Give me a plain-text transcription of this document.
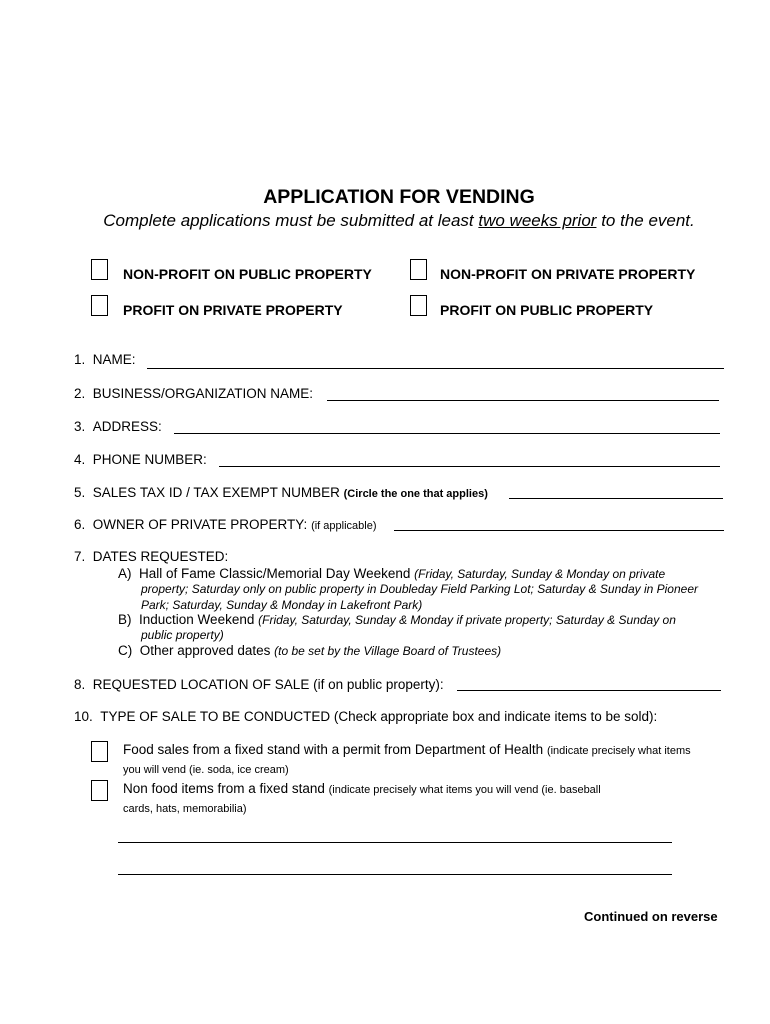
APPLICATION FOR VENDING
Complete applications must be submitted at least two weeks prior to the event.
NON-PROFIT ON PUBLIC PROPERTY	NON-PROFIT ON PRIVATE PROPERTY
PROFIT ON PRIVATE PROPERTY	PROFIT ON PUBLIC PROPERTY
1. NAME:
2. BUSINESS/ORGANIZATION NAME:
3. ADDRESS:
4. PHONE NUMBER:
5. SALES TAX ID / TAX EXEMPT NUMBER (Circle the one that applies)
6. OWNER OF PRIVATE PROPERTY: (if applicable)
7. DATES REQUESTED:
A) Hall of Fame Classic/Memorial Day Weekend (Friday, Saturday, Sunday & Monday on private
property; Saturday only on public property in Doubleday Field Parking Lot; Saturday & Sunday in Pioneer
Park; Saturday, Sunday & Monday in Lakefront Park)
B) Induction Weekend (Friday, Saturday, Sunday & Monday if private property; Saturday & Sunday on
public property)
C) Other approved dates (to be set by the Village Board of Trustees)
8. REQUESTED LOCATION OF SALE (if on public property):
10. TYPE OF SALE TO BE CONDUCTED (Check appropriate box and indicate items to be sold):
Food sales from a fixed stand with a permit from Department of Health (indicate precisely what items
you will vend (ie. soda, ice cream)
Non food items from a fixed stand (indicate precisely what items you will vend (ie. baseball
cards, hats, memorabilia)
Continued on reverse
